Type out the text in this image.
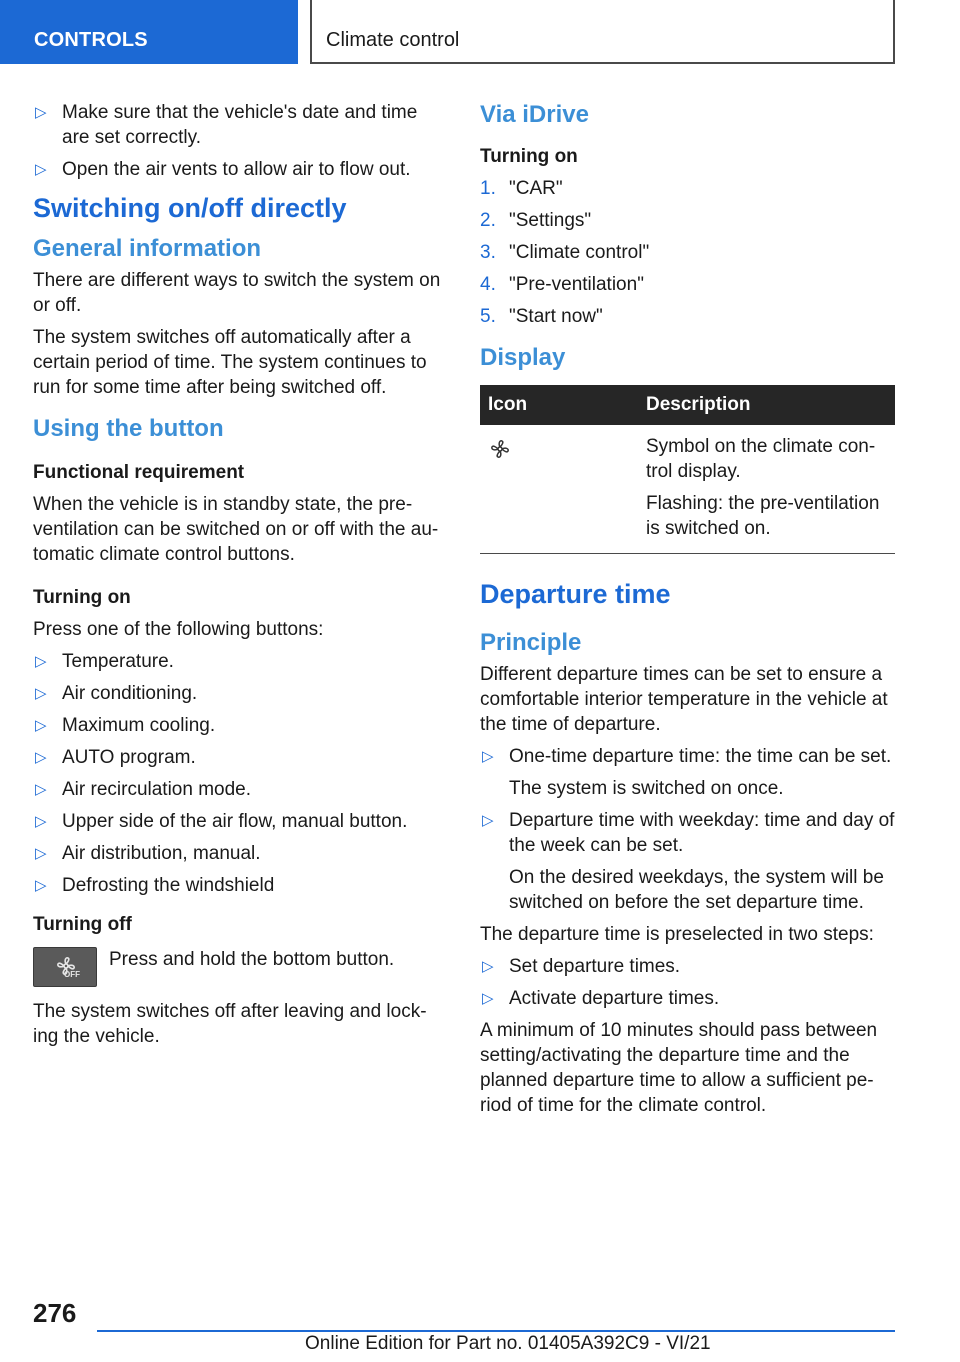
CONTROLS	Climate control
▷ Make sure that the vehicle's date and time are set correctly.
▷ Open the air vents to allow air to flow out.
Switching on/off directly
General information

There are different ways to switch the system on or off.

The system switches off automatically after a certain period of time. The system continues to run for some time after being switched off.

Using the button
Functional requirement

When the vehicle is in standby state, the pre-ventilation can be switched on or off with the au-tomatic climate control buttons.

Turning on

Press one of the following buttons:

▷ Temperature.
▷ Air conditioning.
▷ Maximum cooling.
▷ AUTO program.
▷ Air recirculation mode.
▷ Upper side of the air flow, manual button.
▷ Air distribution, manual.
▷ Defrosting the windshield
Turning off
OFF

Press and hold the bottom button.

The system switches off after leaving and lock-ing the vehicle.

Via iDrive
Turning on
1. "CAR"
2. "Settings"
3. "Climate control"
4. "Pre-ventilation"
5. "Start now"
Display
Icon	Description

Symbol on the climate con-trol display.

Flashing: the pre-ventilation is switched on.

Departure time
Principle

Different departure times can be set to ensure a comfortable interior temperature in the vehicle at the time of departure.

▷ One-time departure time: the time can be set.
The system is switched on once.
▷ Departure time with weekday: time and day of the week can be set.
On the desired weekdays, the system will be switched on before the set departure time.

The departure time is preselected in two steps:

▷ Set departure times.
▷ Activate departure times.

A minimum of 10 minutes should pass between setting/activating the departure time and the planned departure time to allow a sufficient pe-riod of time for the climate control.

276
Online Edition for Part no. 01405A392C9 - VI/21
